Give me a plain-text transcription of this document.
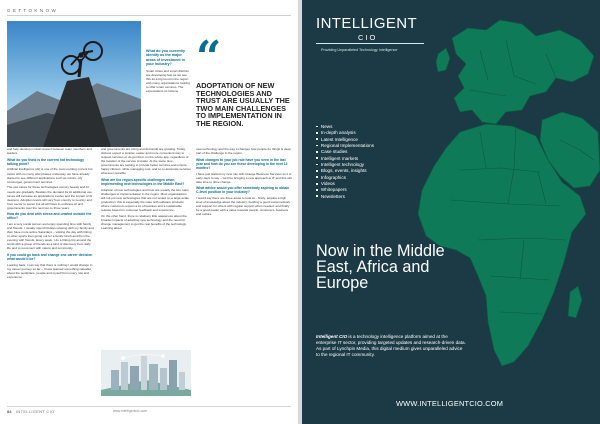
G E T T O K N O W
What do you currently identify as the major areas of investment in your industry?

Smart Cities and smart districts are developing fast as we see this as a big trend in the region with many organisations looking to offer smart services. The expectations of citizens

“
ADOPTATION OF NEW TECHNOLOGIES AND TRUST ARE USUALLY THE TWO MAIN CHALLENGES TO IMPLEMENTATION IN THE REGION.

and help develop mutual respect between team members and leaders.

What do you think is the current hot technology talking point?

Artificial Intelligence (AI) is one of the most exciting current hot topics with so many pilot phases underway, we have already started to see different applications such as robots, city concierges, government services.

The use cases for these technologies convey beauty and AI needs are gradually. Besides the demand for AI additional use cases will increase as applications evolve and the impact of AI deepens. Adoption levels will vary from country to country and from sector to sector but all will have to embrace AI and governments over the next two to three years.

How do you deal with stress and unwind outside the office?

I am a very social person and enjoy spending time with family and friends. I usually spend Fridays relaxing with my family and then have more active Saturdays – visiting the day with hiking or other sports then going out for a family lunch and then the evening with friends. Every week, I do a hiking trip around the world with a group of friends as a kind of discovery from daily life and to reconnect with nature and community.

If you could go back and change one career decision what would it be?

Looking back, I can say that there is nothing I would change in my career journey so far – I have learned something valuable about the workplace, people and myself from every role and experience.

and governments are rising and demands are growing. Today, citizens expect a simpler, easier and more convenient way to request services or do get them on the whole app, regardless of the location of the service provider. At the same time, governments are looking to provide better services and ensure happy citizens, while managing cost, and so to automate services wherever possible.

What are the region-specific challenges when implementing new technologies in the Middle East?

Adoption of new technologies and trust are usually the two main challenges to implementation in the region. Most organisations will roll out new technologies that are not tested on a large-scale production; this is especially the case with software products where customers expect a lot of features and a sustainable release based on customer feedback and experience.

On the other hand, there is relatively little awareness about the broader impacts of adopting new technology and the need for change management to get the real benefits of the technology. Learning about

new technology and the way it changes how people do things is deep part of the challenge in the region.

What changes to your job role have you seen in the last year and how do you see these developing in the next 12 months?

I have just started my new role with Orange Business Services so it is early days to say – we’ll be bringing a new approach to IT and this will take time to drive change.

What advice would you offer somebody aspiring to obtain C-level position in your industry?

I would say there are three areas to look at – firstly, acquire a high level of knowledge about the industry; building a good social network and support for others with regular support when needed; and finally be a good leader with a value towards people, customers, business and culture.

84 INTELLIGENT CIO	www.intelligentcio.com
INTELLIGENT
CIO
Providing Unparalleled Technology Intelligence
News
In-depth analysis
Latest Intelligence
Regional Implementations
Case studies
Intelligent markets
Intelligent technology
Blogs, events, insights
Infographics
Videos
Whitepapers
Newsletters
Now in the Middle East, Africa and Europe
Intelligent CIO is a technology intelligence platform aimed at the enterprise IT sector, providing targeted updates and research-driven data. As part of Lynchpin Media, this digital medium gives unparalleled advice to the regional IT community.
WWW.INTELLIGENTCIO.COM
